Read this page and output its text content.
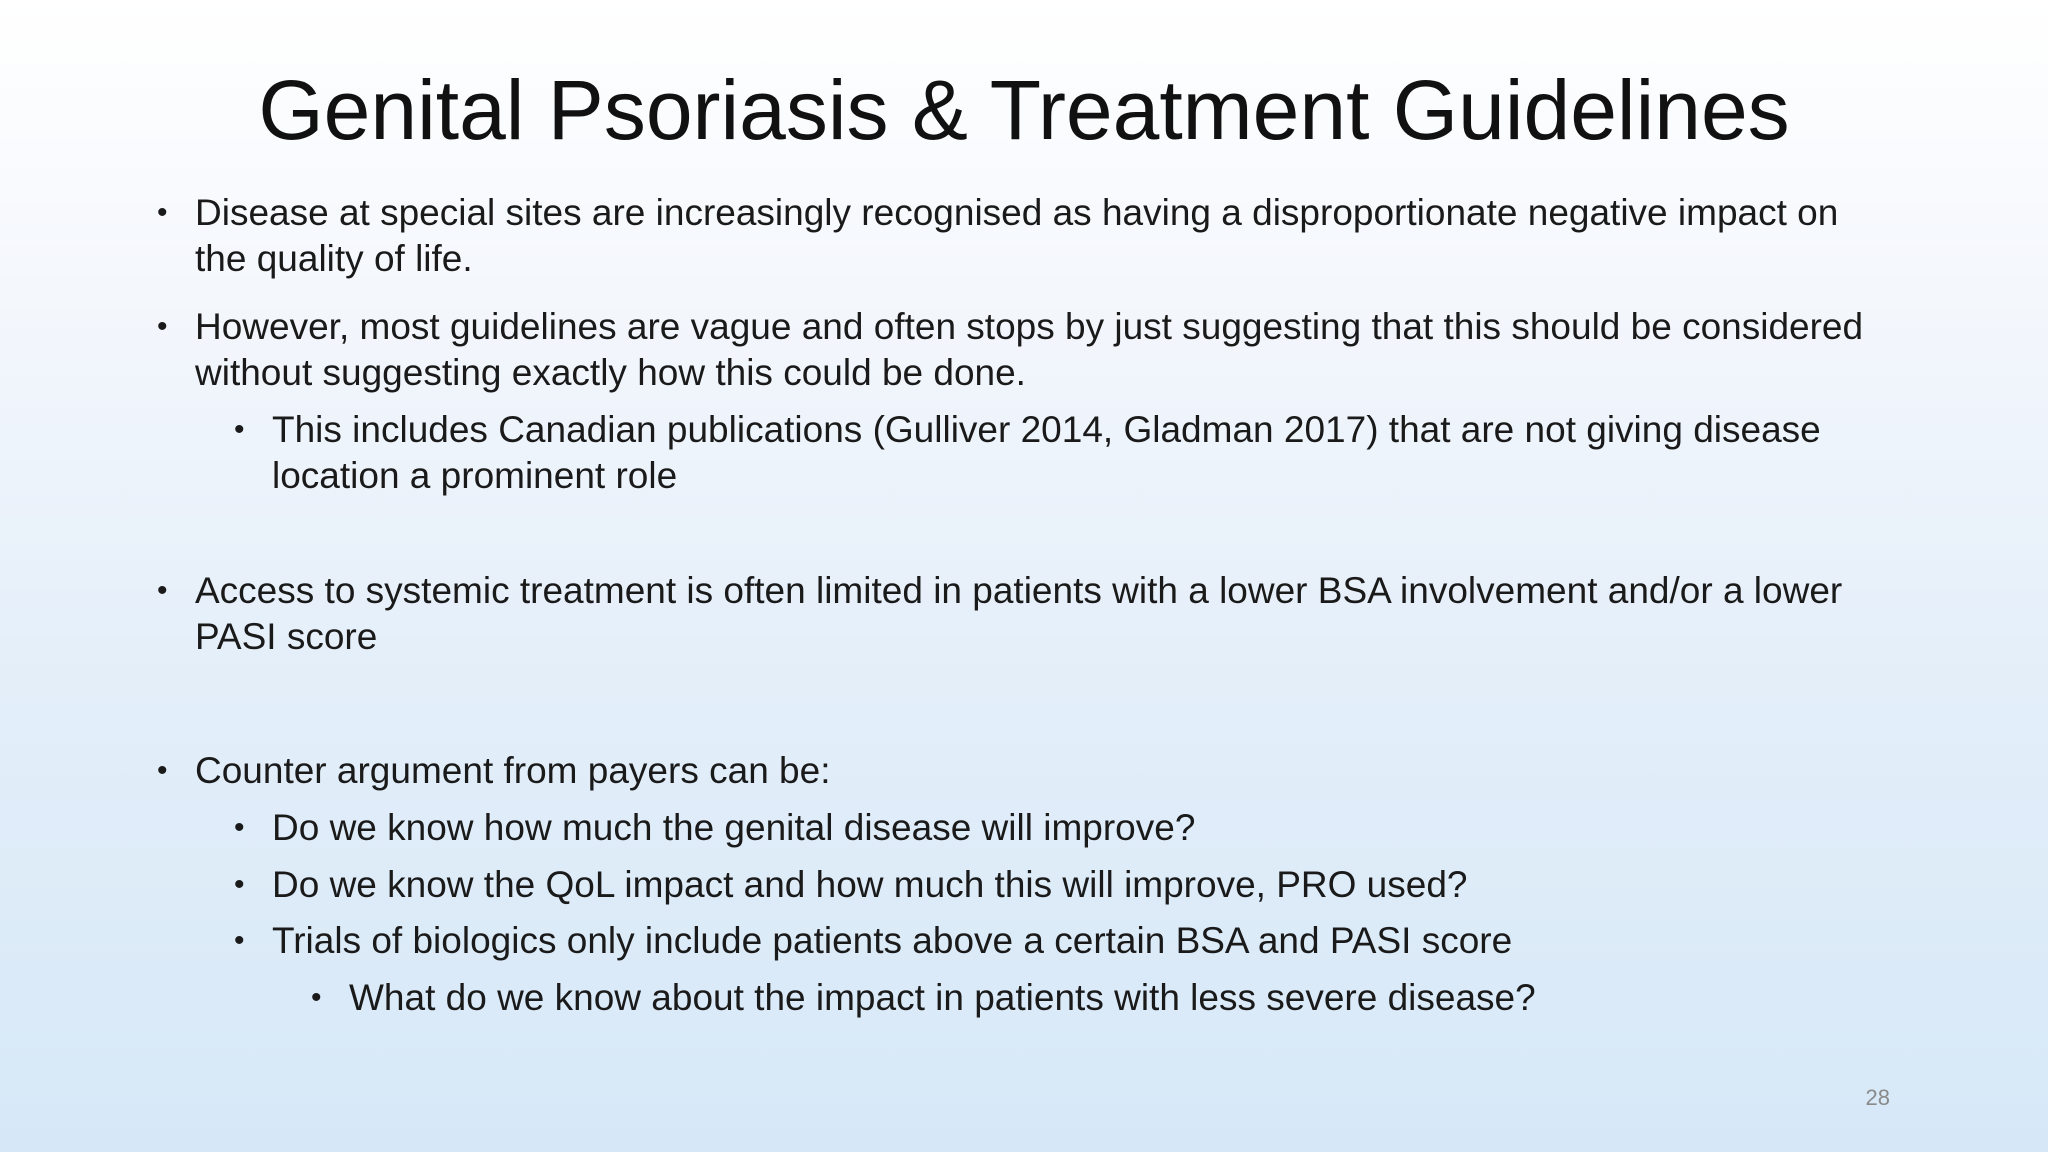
Genital Psoriasis & Treatment Guidelines
• Disease at special sites are increasingly recognised as having a disproportionate negative impact on the quality of life.
• However, most guidelines are vague and often stops by just suggesting that this should be considered without suggesting exactly how this could be done.
• This includes Canadian publications (Gulliver 2014, Gladman 2017) that are not giving disease location a prominent role
• Access to systemic treatment is often limited in patients with a lower BSA involvement and/or a lower PASI score
• Counter argument from payers can be:
• Do we know how much the genital disease will improve?
• Do we know the QoL impact and how much this will improve, PRO used?
• Trials of biologics only include patients above a certain BSA and PASI score
• What do we know about the impact in patients with less severe disease?
28
